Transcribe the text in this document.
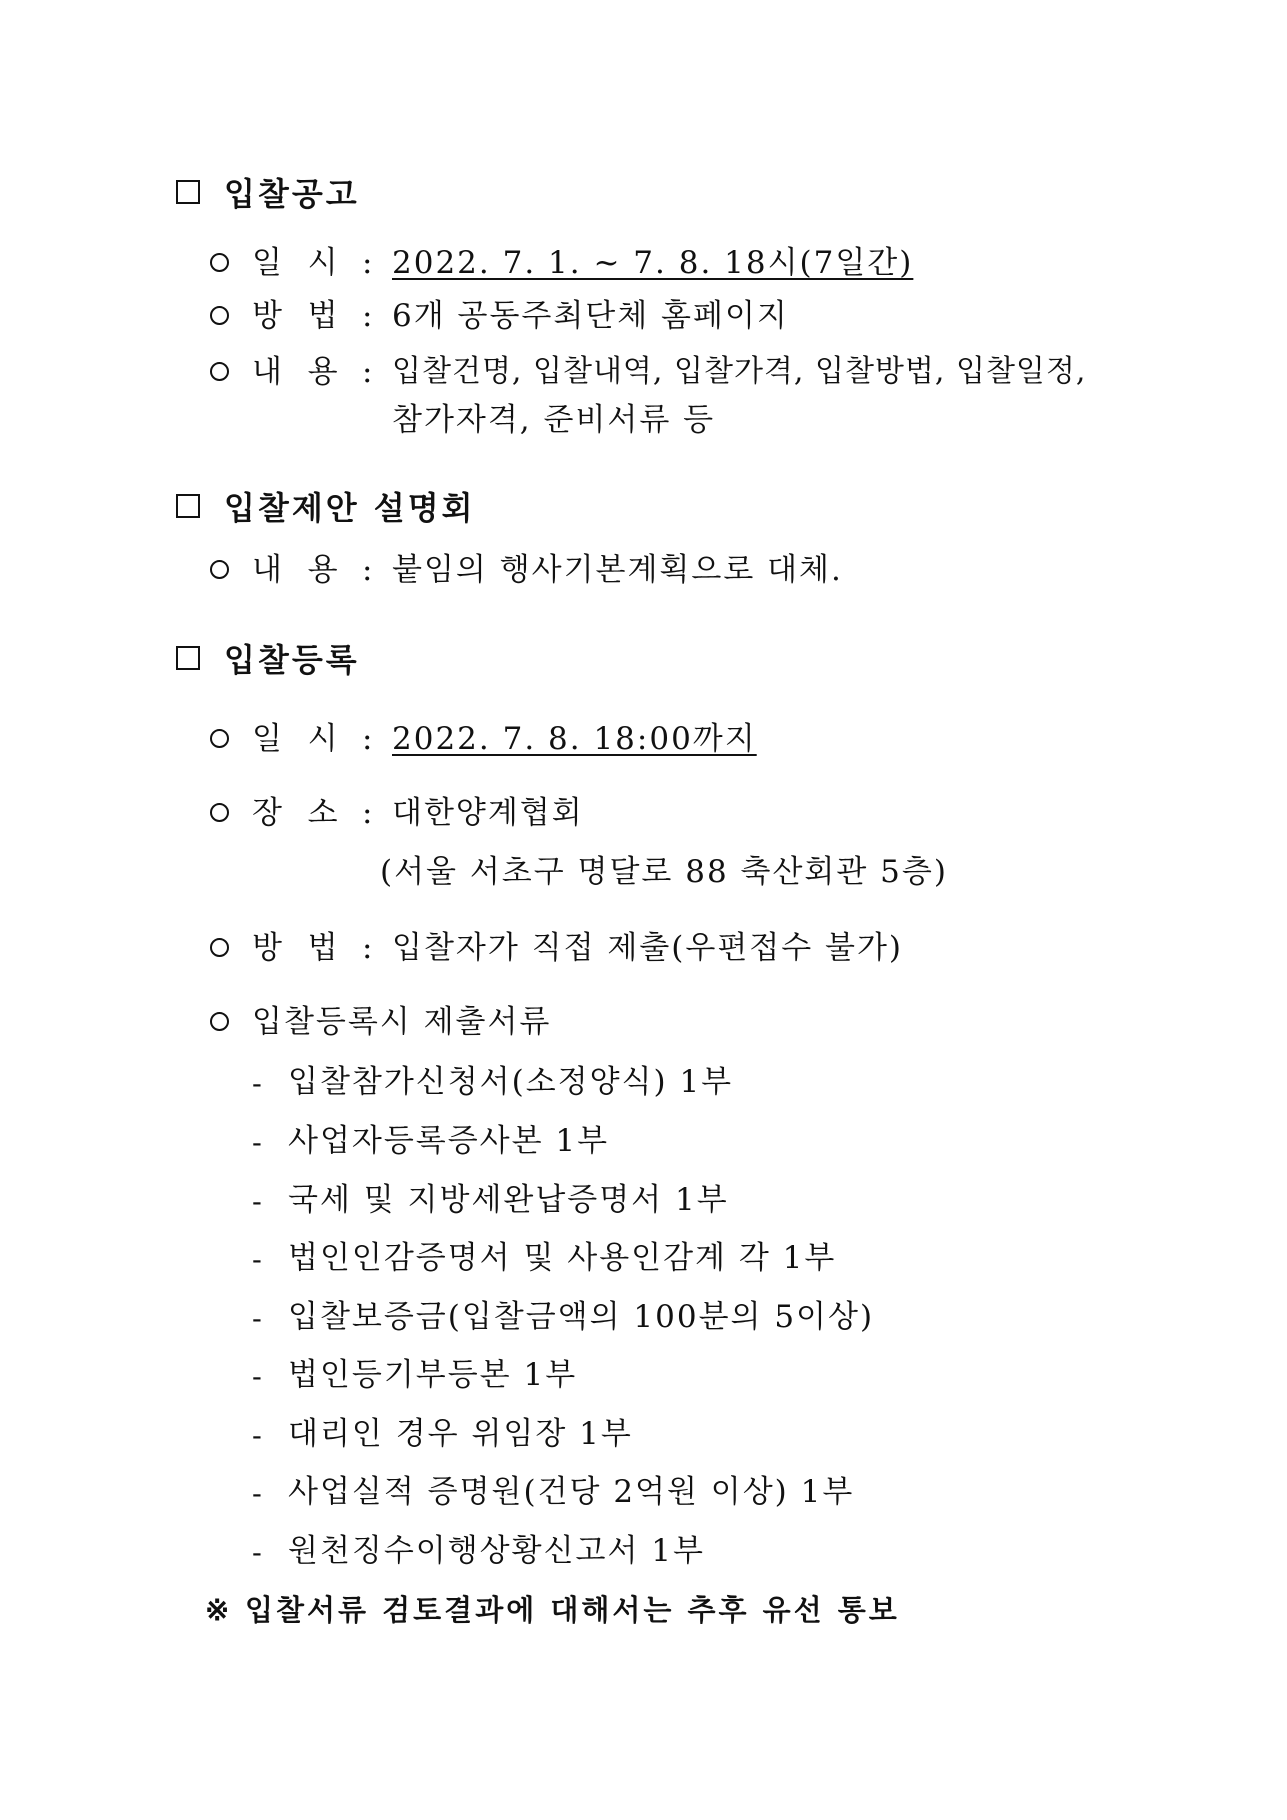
입찰공고
일  시 : 2022. 7. 1. ~ 7. 8. 18시(7일간)
방  법 : 6개 공동주최단체 홈페이지
내  용 : 입찰건명, 입찰내역, 입찰가격, 입찰방법, 입찰일정,
참가자격, 준비서류 등
입찰제안 설명회
내  용 : 붙임의 행사기본계획으로 대체.
입찰등록
일  시 : 2022. 7. 8. 18:00까지
장  소 : 대한양계협회
(서울 서초구 명달로 88 축산회관 5층)
방  법 : 입찰자가 직접 제출(우편접수 불가)
입찰등록시 제출서류
- 입찰참가신청서(소정양식) 1부
- 사업자등록증사본 1부
- 국세 및 지방세완납증명서 1부
- 법인인감증명서 및 사용인감계 각 1부
- 입찰보증금(입찰금액의 100분의 5이상)
- 법인등기부등본 1부
- 대리인 경우 위임장 1부
- 사업실적 증명원(건당 2억원 이상) 1부
- 원천징수이행상황신고서 1부
※ 입찰서류 검토결과에 대해서는 추후 유선 통보
